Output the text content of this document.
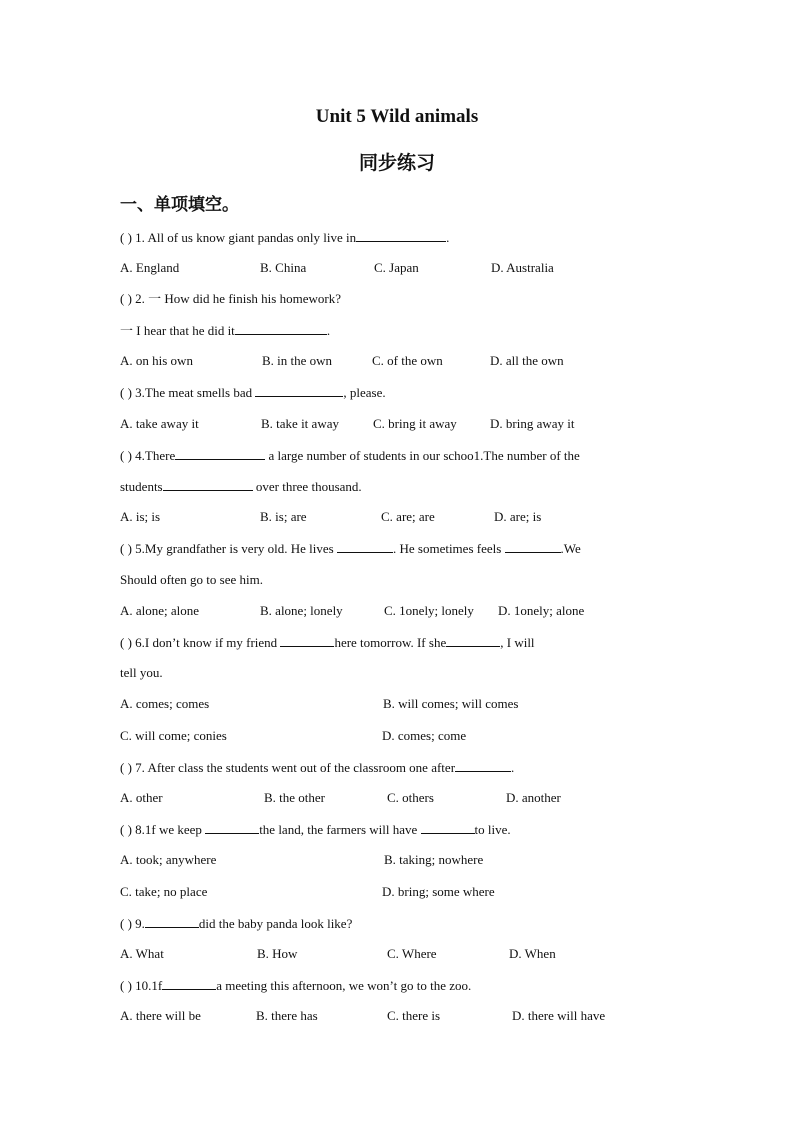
Unit 5 Wild animals
同步练习
一、单项填空。
( ) 1. All of us know giant pandas only live in	.
A. England	B. China	C. Japan	D. Australia
( ) 2. 一 How did he finish his homework?
一 I hear that he did it	.
A. on his own	B. in the own	C. of the own	D. all the own
( ) 3.The meat smells bad	, please.
A. take away it	B. take it away	C. bring it away	D. bring away it
( ) 4.There	a large number of students in our schoo1.The number of the
students	over three thousand.
A. is; is	B. is; are	C. are; are	D. are; is
( ) 5.My grandfather is very old. He lives	. He sometimes feels	.We
Should often go to see him.
A. alone; alone	B. alone; lonely	C. 1onely; lonely D. 1onely; alone
( ) 6.I don’t know if my friend	here tomorrow. If she	, I will
tell you.
A. comes; comes	B. will comes; will comes
C. will come; conies	D. comes; come
( ) 7. After class the students went out of the classroom one after	.
A. other	B. the other	C. others	D. another
( ) 8.1f we keep	the land, the farmers will have	to live.
A. took; anywhere	B. taking; nowhere
C. take; no place	D. bring; some where
( ) 9.	did the baby panda look like?
A. What	B. How	C. Where	D. When
( ) 10.1f	a meeting this afternoon, we won’t go to the zoo.
A. there will be	B. there has	C. there is	D. there will have
